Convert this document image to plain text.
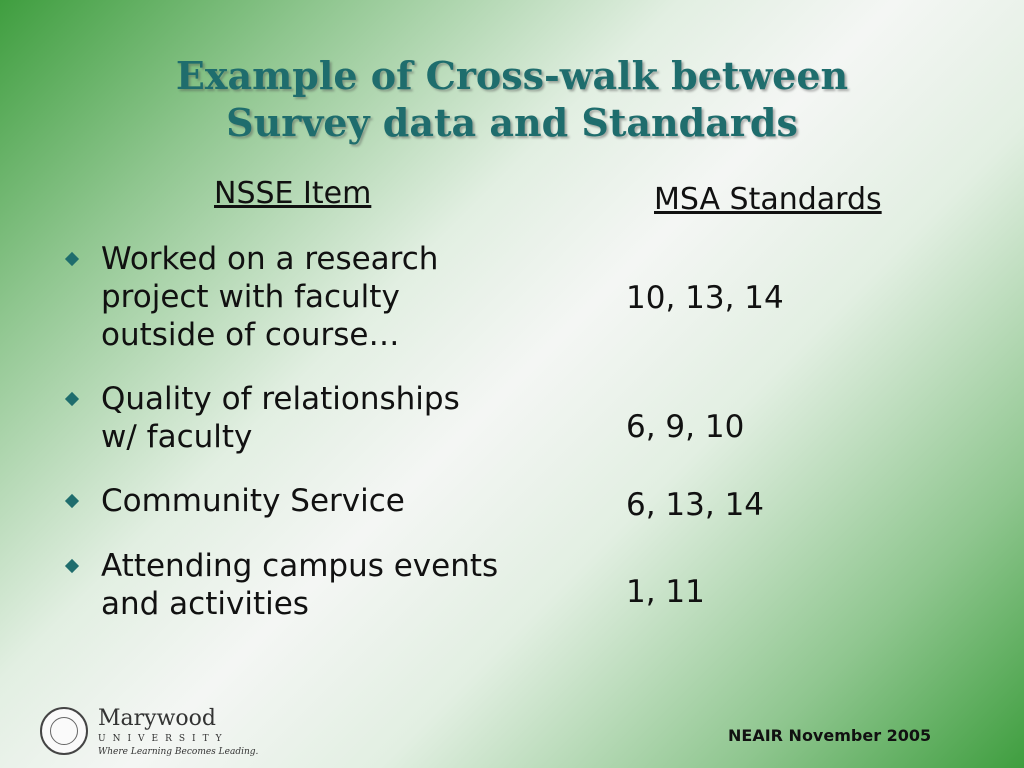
Example of Cross-walk between
Survey data and Standards
NSSE Item	MSA Standards
Worked on a research
project with faculty
outside of course…
Quality of relationships
w/ faculty
Community Service
Attending campus events
and activities
10, 13, 14
6, 9, 10
6, 13, 14
1, 11
Marywood
UNIVERSITY
Where Learning Becomes Leading.
NEAIR November 2005
